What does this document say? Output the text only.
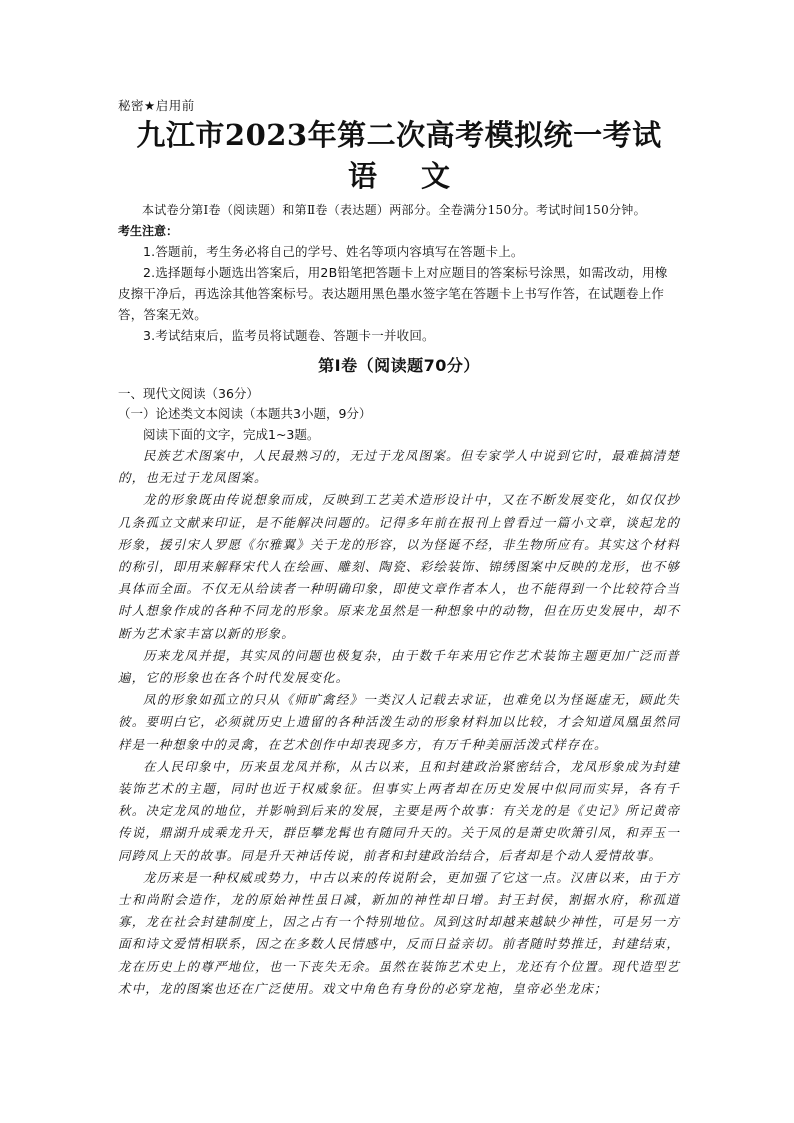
秘密★启用前
九江市2023年第二次高考模拟统一考试
语 文

本试卷分第Ⅰ卷（阅读题）和第Ⅱ卷（表达题）两部分。全卷满分150分。考试时间150分钟。

考生注意：

1.答题前，考生务必将自己的学号、姓名等项内容填写在答题卡上。

2.选择题每小题选出答案后，用2B铅笔把答题卡上对应题目的答案标号涂黑，如需改动，用橡皮擦干净后，再选涂其他答案标号。表达题用黑色墨水签字笔在答题卡上书写作答，在试题卷上作答，答案无效。

3.考试结束后，监考员将试题卷、答题卡一并收回。

第Ⅰ卷（阅读题70分）
一、现代文阅读（36分）
（一）论述类文本阅读（本题共3小题，9分）

阅读下面的文字，完成1~3题。

民族艺术图案中，人民最熟习的，无过于龙凤图案。但专家学人中说到它时，最难搞清楚的，也无过于龙凤图案。

龙的形象既由传说想象而成，反映到工艺美术造形设计中，又在不断发展变化，如仅仅抄几条孤立文献来印证，是不能解决问题的。记得多年前在报刊上曾看过一篇小文章，谈起龙的形象，援引宋人罗愿《尔雅翼》关于龙的形容，以为怪诞不经，非生物所应有。其实这个材料的称引，即用来解释宋代人在绘画、雕刻、陶瓷、彩绘装饰、锦绣图案中反映的龙形，也不够具体而全面。不仅无从给读者一种明确印象，即使文章作者本人，也不能得到一个比较符合当时人想象作成的各种不同龙的形象。原来龙虽然是一种想象中的动物，但在历史发展中，却不断为艺术家丰富以新的形象。

历来龙凤并提，其实凤的问题也极复杂，由于数千年来用它作艺术装饰主题更加广泛而普遍，它的形象也在各个时代发展变化。

凤的形象如孤立的只从《师旷禽经》一类汉人记载去求证，也难免以为怪诞虚无，顾此失彼。要明白它，必须就历史上遗留的各种活泼生动的形象材料加以比较，才会知道凤凰虽然同样是一种想象中的灵禽，在艺术创作中却表现多方，有万千种美丽活泼式样存在。

在人民印象中，历来虽龙凤并称，从古以来，且和封建政治紧密结合，龙凤形象成为封建装饰艺术的主题，同时也近于权威象征。但事实上两者却在历史发展中似同而实异，各有千秋。决定龙凤的地位，并影响到后来的发展，主要是两个故事：有关龙的是《史记》所记黄帝传说，鼎湖升成乘龙升天，群臣攀龙髯也有随同升天的。关于凤的是萧史吹箫引凤，和弄玉一同跨凤上天的故事。同是升天神话传说，前者和封建政治结合，后者却是个动人爱情故事。

龙历来是一种权威或势力，中古以来的传说附会，更加强了它这一点。汉唐以来，由于方士和尚附会造作，龙的原始神性虽日减，新加的神性却日增。封王封侯，割据水府，称孤道寡，龙在社会封建制度上，因之占有一个特别地位。凤到这时却越来越缺少神性，可是另一方面和诗文爱情相联系，因之在多数人民情感中，反而日益亲切。前者随时势推迁，封建结束，龙在历史上的尊严地位，也一下丧失无余。虽然在装饰艺术史上，龙还有个位置。现代造型艺术中，龙的图案也还在广泛使用。戏文中角色有身份的必穿龙袍，皇帝必坐龙床；
